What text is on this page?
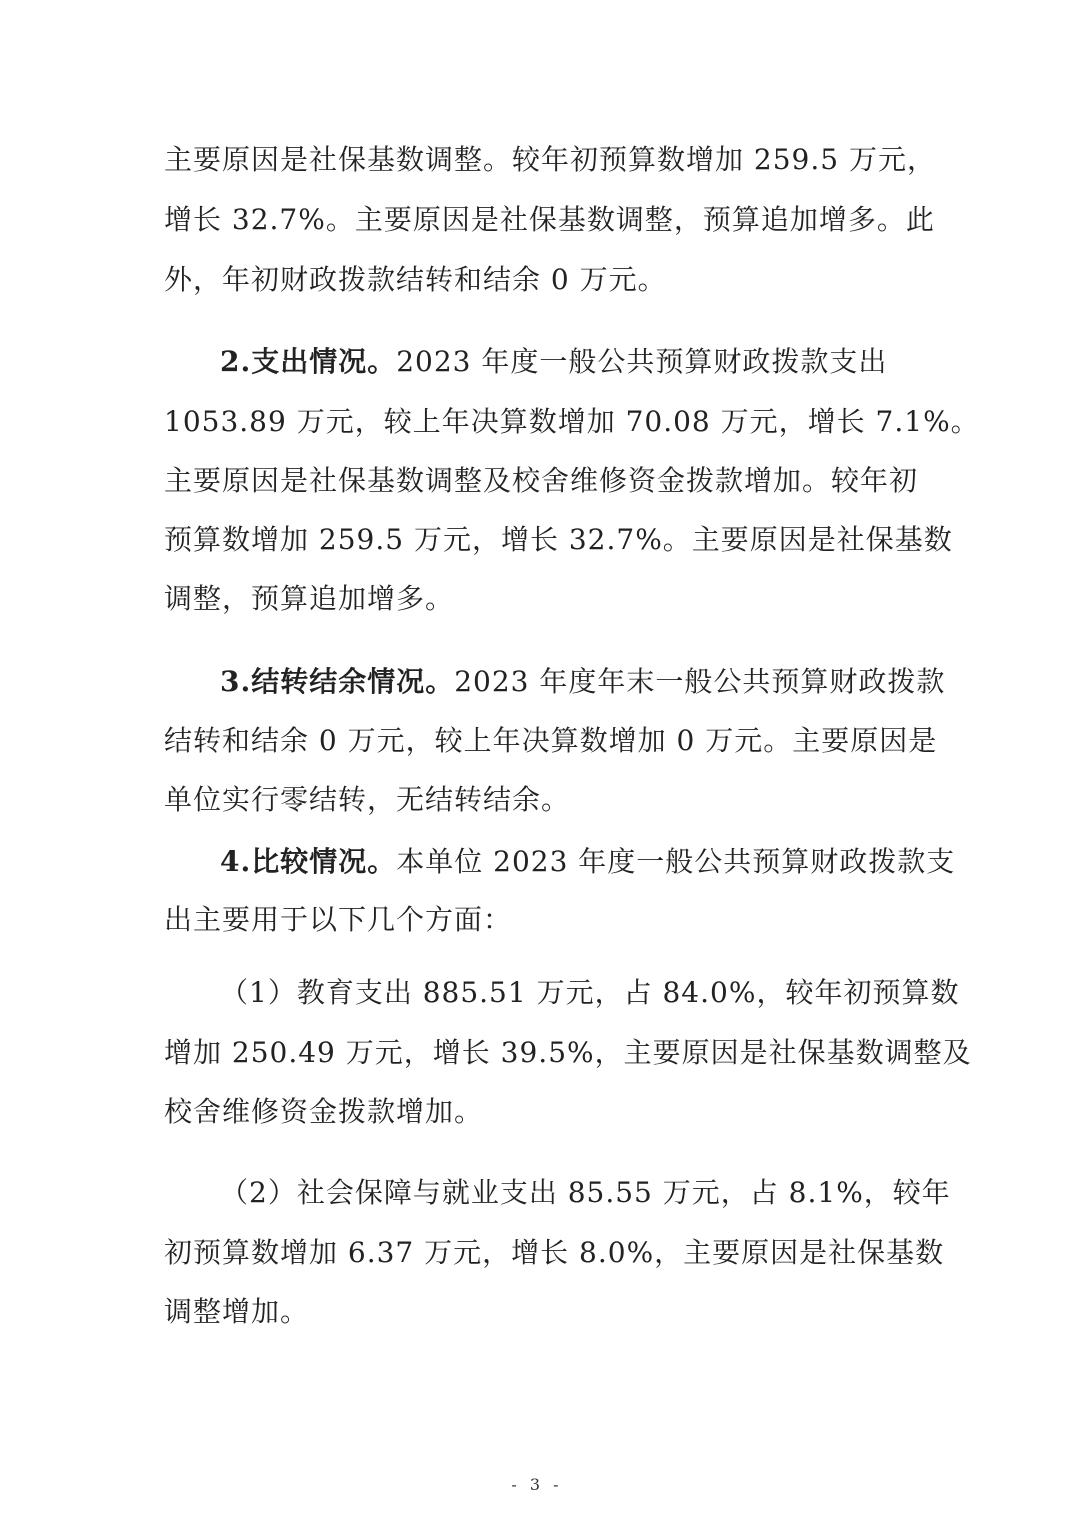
主要原因是社保基数调整。较年初预算数增加 259.5 万元，
增长 32.7%。主要原因是社保基数调整，预算追加增多。此
外，年初财政拨款结转和结余 0 万元。
2.支出情况。2023 年度一般公共预算财政拨款支出
1053.89 万元，较上年决算数增加 70.08 万元，增长 7.1%。
主要原因是社保基数调整及校舍维修资金拨款增加。较年初
预算数增加 259.5 万元，增长 32.7%。主要原因是社保基数
调整，预算追加增多。
3.结转结余情况。2023 年度年末一般公共预算财政拨款
结转和结余 0 万元，较上年决算数增加 0 万元。主要原因是
单位实行零结转，无结转结余。
4.比较情况。本单位 2023 年度一般公共预算财政拨款支
出主要用于以下几个方面：
（1）教育支出 885.51 万元，占 84.0%，较年初预算数
增加 250.49 万元，增长 39.5%，主要原因是社保基数调整及
校舍维修资金拨款增加。
（2）社会保障与就业支出 85.55 万元，占 8.1%，较年
初预算数增加 6.37 万元，增长 8.0%，主要原因是社保基数
调整增加。
- 3 -
